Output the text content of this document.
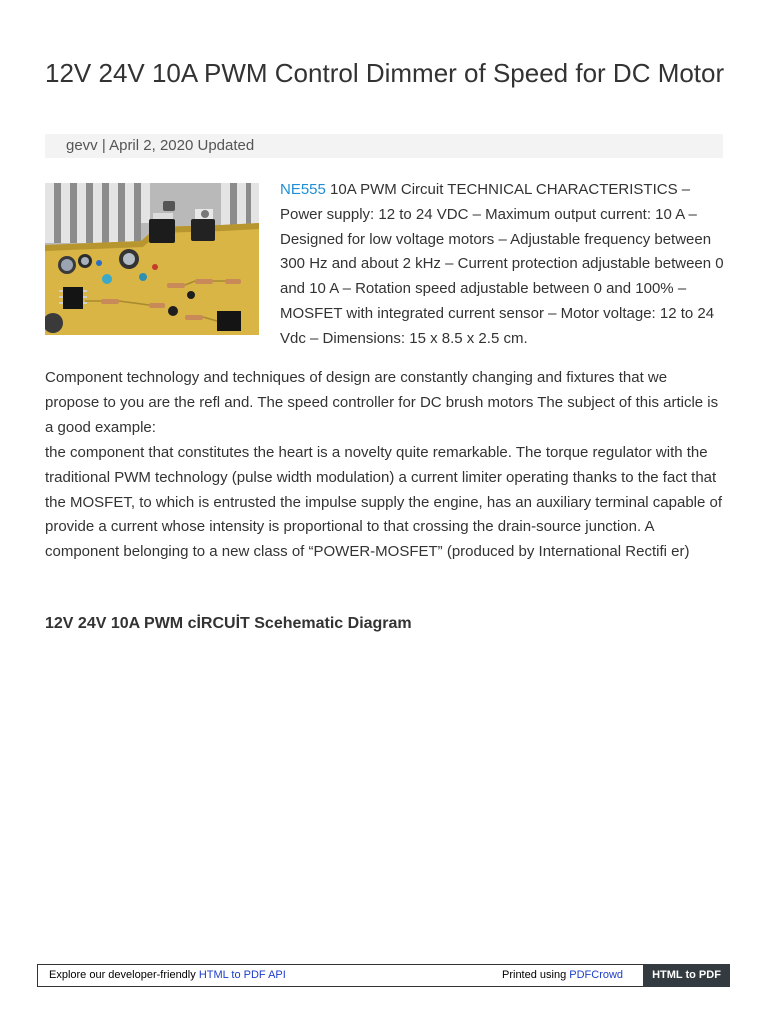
12V 24V 10A PWM Control Dimmer of Speed for DC Motor
gevv | April 2, 2020 Updated

NE555 10A PWM Circuit TECHNICAL CHARACTERISTICS – Power supply: 12 to 24 VDC – Maximum output current: 10 A – Designed for low voltage motors – Adjustable frequency between 300 Hz and about 2 kHz – Current protection adjustable between 0 and 10 A – Rotation speed adjustable between 0 and 100% – MOSFET with integrated current sensor – Motor voltage: 12 to 24 Vdc – Dimensions: 15 x 8.5 x 2.5 cm.

Component technology and techniques of design are constantly changing and fixtures that we propose to you are the refl and. The speed controller for DC brush motors The subject of this article is a good example:

the component that constitutes the heart is a novelty quite remarkable. The torque regulator with the traditional PWM technology (pulse width modulation) a current limiter operating thanks to the fact that the MOSFET, to which is entrusted the impulse supply the engine, has an auxiliary terminal capable of provide a current whose intensity is proportional to that crossing the drain-source junction. A component belonging to a new class of “POWER-MOSFET” (produced by International Rectifi er)

12V 24V 10A PWM cİRCUİT Scehematic Diagram
Explore our developer-friendly HTML to PDF API	Printed using PDFCrowd	HTML to PDF
